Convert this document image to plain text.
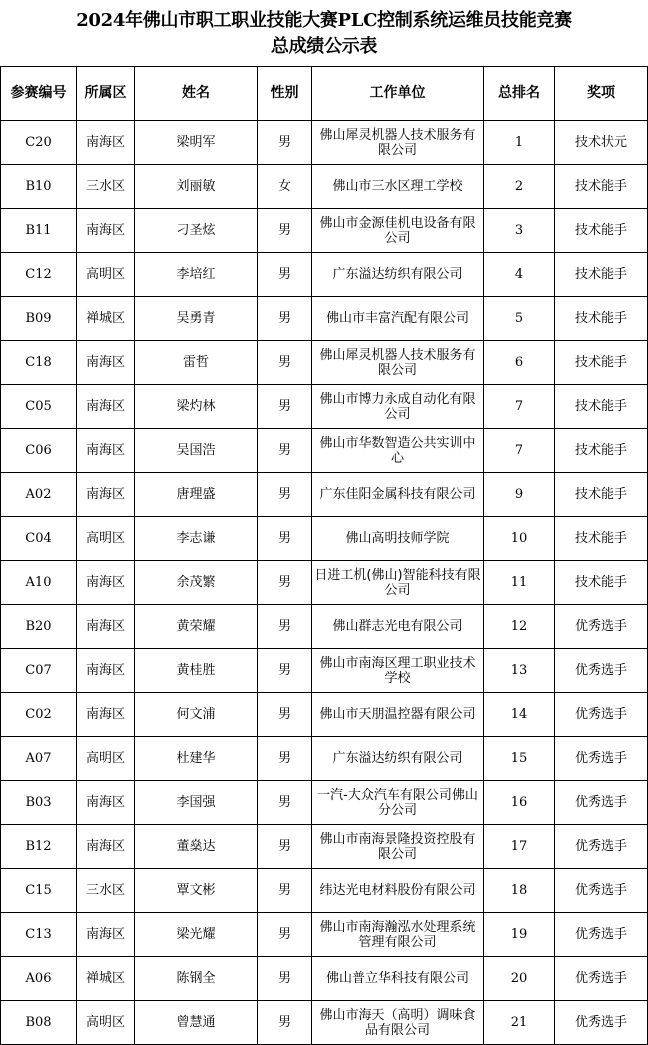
2024年佛山市职工职业技能大赛PLC控制系统运维员技能竞赛
总成绩公示表
参赛编号	所属区	姓名	性别	工作单位	总排名	奖项
C20	南海区	梁明军	男	佛山犀灵机器人技术服务有限公司	1	技术状元
B10	三水区	刘丽敏	女	佛山市三水区理工学校	2	技术能手
B11	南海区	刁圣炫	男	佛山市金源佳机电设备有限公司	3	技术能手
C12	高明区	李培红	男	广东溢达纺织有限公司	4	技术能手
B09	禅城区	吴勇青	男	佛山市丰富汽配有限公司	5	技术能手
C18	南海区	雷哲	男	佛山犀灵机器人技术服务有限公司	6	技术能手
C05	南海区	梁灼林	男	佛山市博力永成自动化有限公司	7	技术能手
C06	南海区	吴国浩	男	佛山市华数智造公共实训中心	7	技术能手
A02	南海区	唐理盛	男	广东佳阳金属科技有限公司	9	技术能手
C04	高明区	李志谦	男	佛山高明技师学院	10	技术能手
A10	南海区	余茂繁	男	日进工机(佛山)智能科技有限公司	11	技术能手
B20	南海区	黄荣耀	男	佛山群志光电有限公司	12	优秀选手
C07	南海区	黄桂胜	男	佛山市南海区理工职业技术学校	13	优秀选手
C02	南海区	何文浦	男	佛山市天朋温控器有限公司	14	优秀选手
A07	高明区	杜建华	男	广东溢达纺织有限公司	15	优秀选手
B03	南海区	李国强	男	一汽-大众汽车有限公司佛山分公司	16	优秀选手
B12	南海区	董燊达	男	佛山市南海景隆投资控股有限公司	17	优秀选手
C15	三水区	覃文彬	男	纬达光电材料股份有限公司	18	优秀选手
C13	南海区	梁光耀	男	佛山市南海瀚泓水处理系统管理有限公司	19	优秀选手
A06	禅城区	陈钢全	男	佛山普立华科技有限公司	20	优秀选手
B08	高明区	曾慧通	男	佛山市海天（高明）调味食品有限公司	21	优秀选手
